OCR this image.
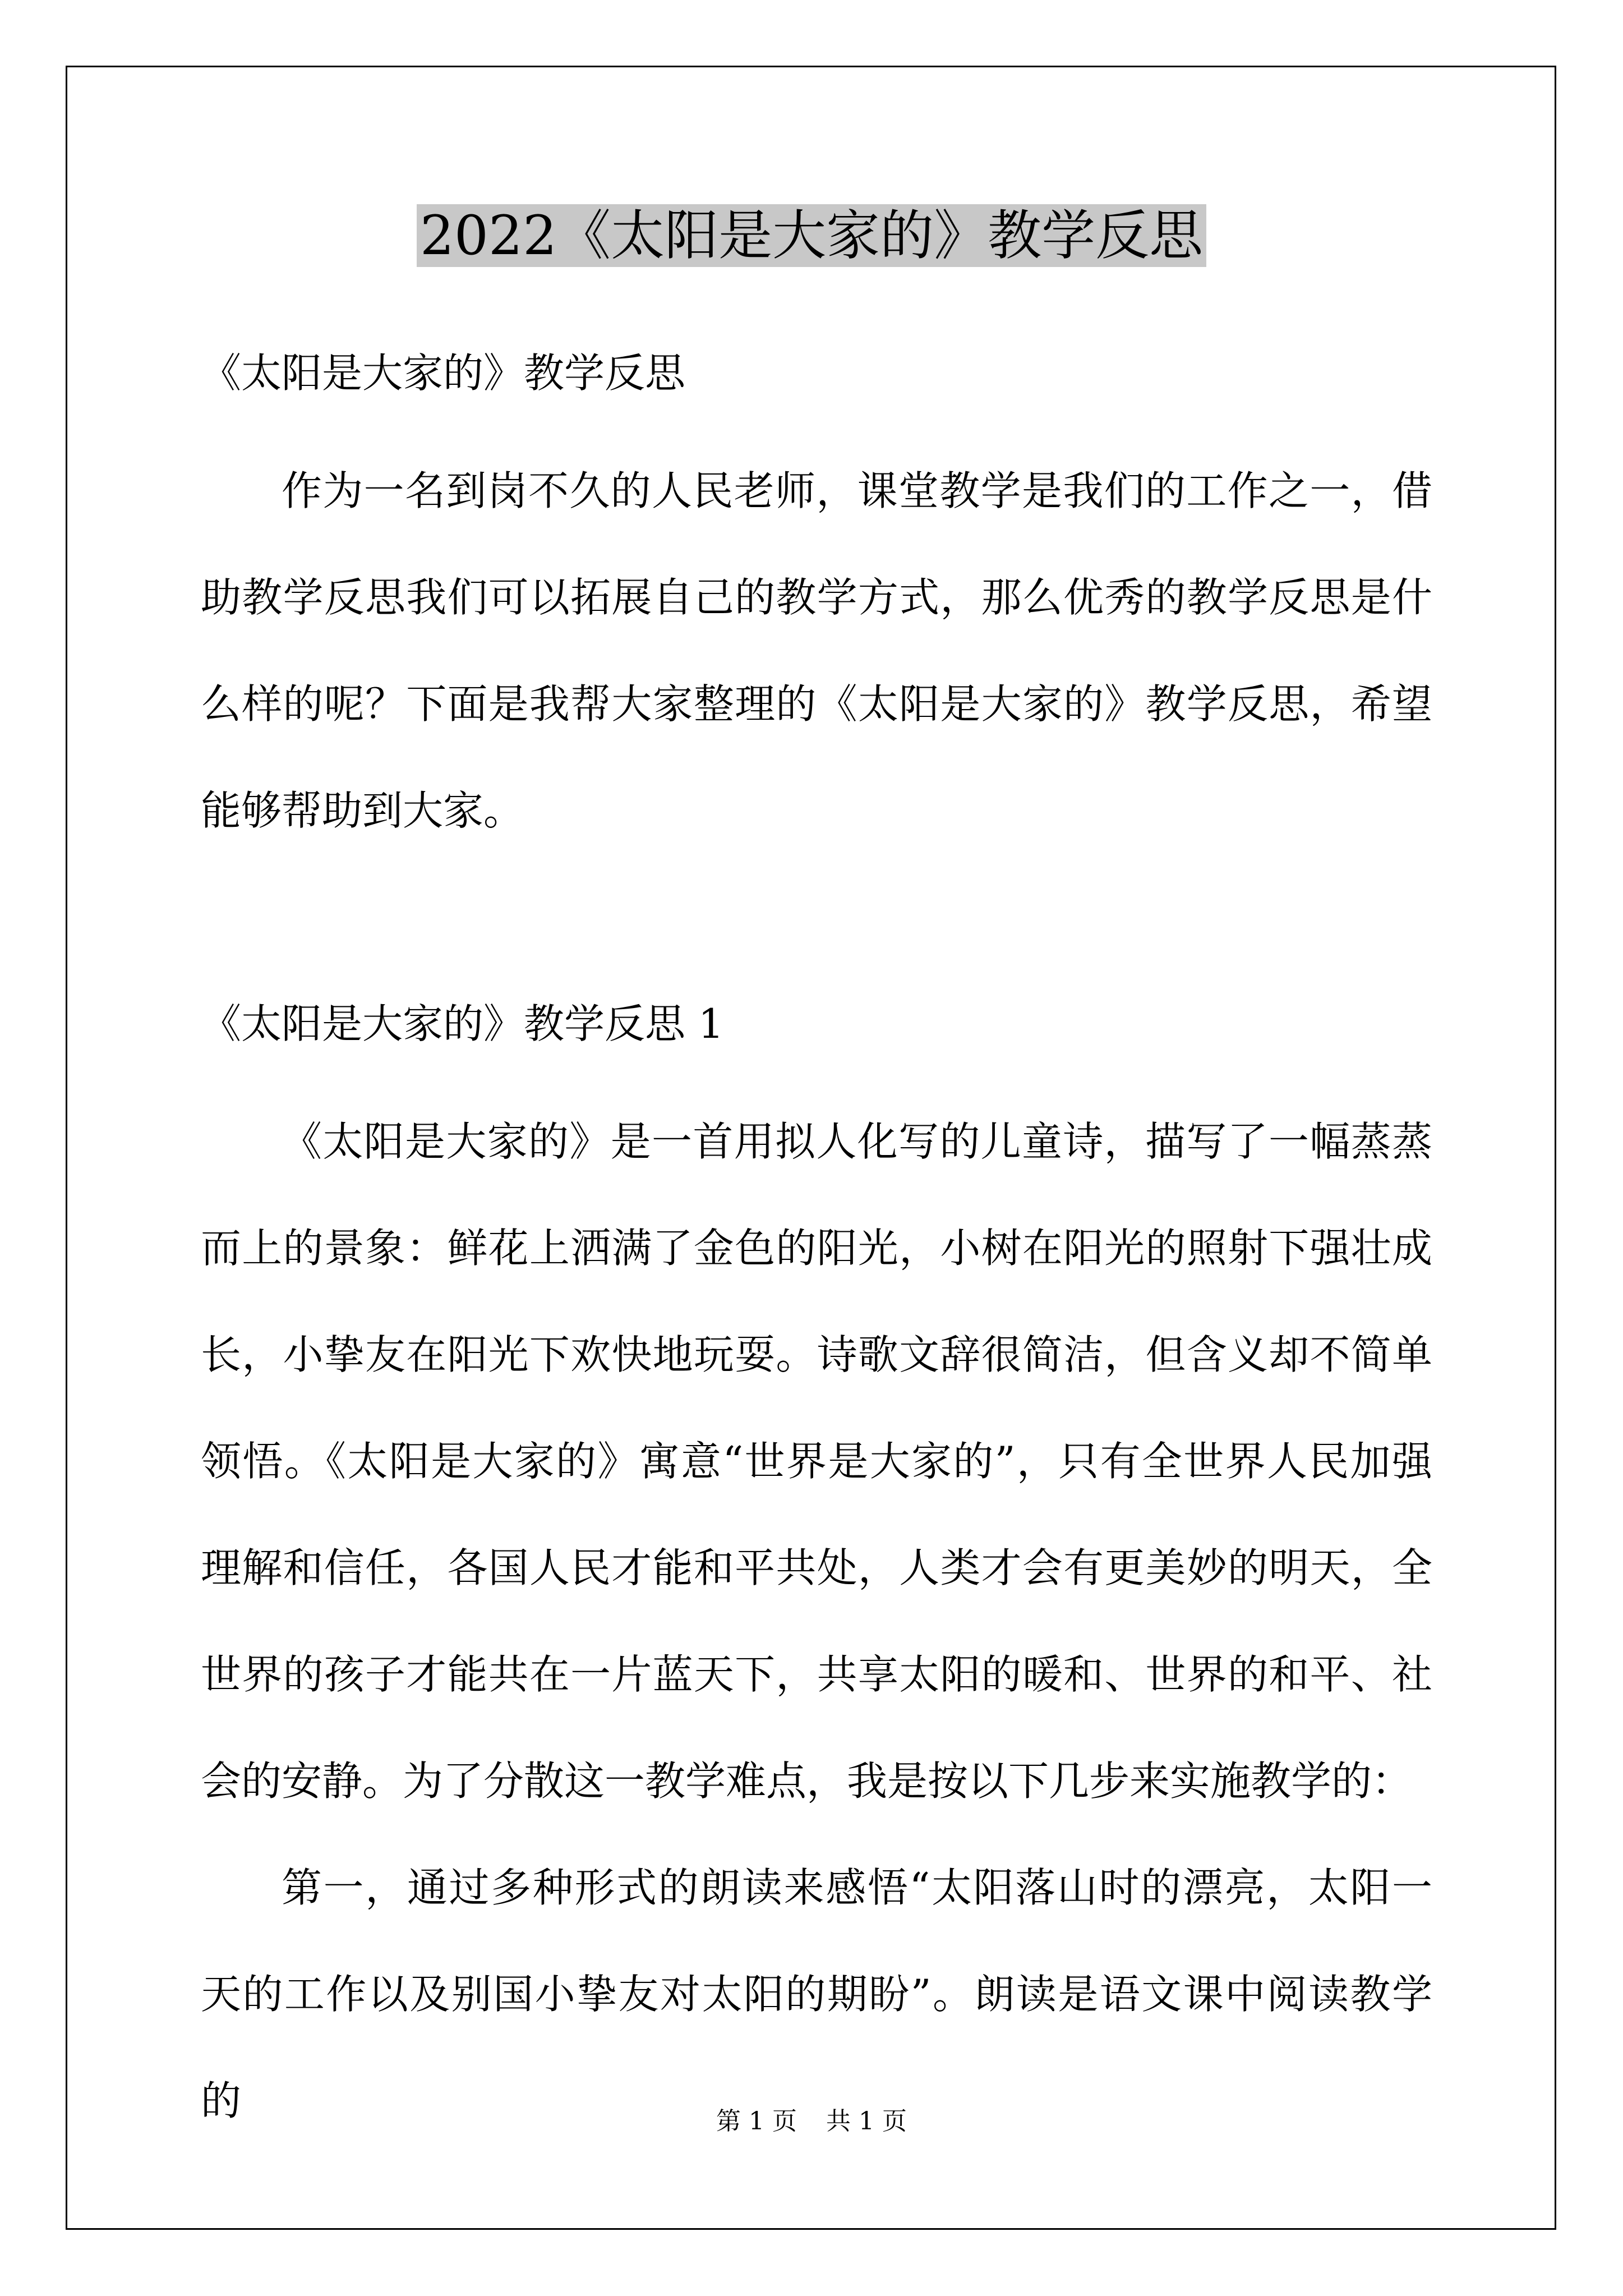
2022《太阳是大家的》教学反思
《太阳是大家的》教学反思

作为一名到岗不久的人民老师，课堂教学是我们的工作之一，借助教学反思我们可以拓展自己的教学方式，那么优秀的教学反思是什么样的呢？下面是我帮大家整理的《太阳是大家的》教学反思，希望能够帮助到大家。

《太阳是大家的》教学反思 1

《太阳是大家的》是一首用拟人化写的儿童诗，描写了一幅蒸蒸而上的景象：鲜花上洒满了金色的阳光，小树在阳光的照射下强壮成长，小挚友在阳光下欢快地玩耍。诗歌文辞很简洁，但含义却不简单领悟。《太阳是大家的》寓意“世界是大家的”，只有全世界人民加强理解和信任，各国人民才能和平共处，人类才会有更美妙的明天，全世界的孩子才能共在一片蓝天下，共享太阳的暖和、世界的和平、社会的安静。为了分散这一教学难点，我是按以下几步来实施教学的：

第一，通过多种形式的朗读来感悟“太阳落山时的漂亮，太阳一天的工作以及别国小挚友对太阳的期盼”。朗读是语文课中阅读教学的	第 1 页 共 1 页
